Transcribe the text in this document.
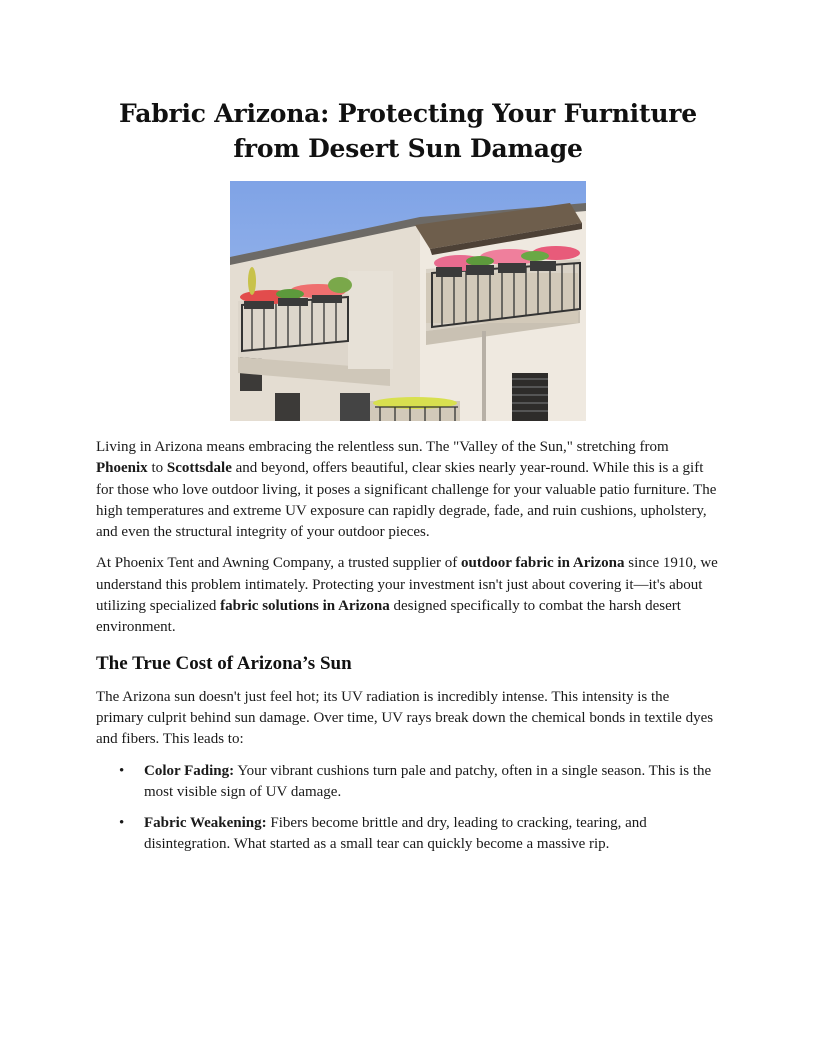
Fabric Arizona: Protecting Your Furniture from Desert Sun Damage

Living in Arizona means embracing the relentless sun. The "Valley of the Sun," stretching from Phoenix to Scottsdale and beyond, offers beautiful, clear skies nearly year-round. While this is a gift for those who love outdoor living, it poses a significant challenge for your valuable patio furniture. The high temperatures and extreme UV exposure can rapidly degrade, fade, and ruin cushions, upholstery, and even the structural integrity of your outdoor pieces.

At Phoenix Tent and Awning Company, a trusted supplier of outdoor fabric in Arizona since 1910, we understand this problem intimately. Protecting your investment isn't just about covering it—it's about utilizing specialized fabric solutions in Arizona designed specifically to combat the harsh desert environment.

The True Cost of Arizona’s Sun

The Arizona sun doesn't just feel hot; its UV radiation is incredibly intense. This intensity is the primary culprit behind sun damage. Over time, UV rays break down the chemical bonds in textile dyes and fibers. This leads to:

• Color Fading: Your vibrant cushions turn pale and patchy, often in a single season. This is the most visible sign of UV damage.
• Fabric Weakening: Fibers become brittle and dry, leading to cracking, tearing, and disintegration. What started as a small tear can quickly become a massive rip.
